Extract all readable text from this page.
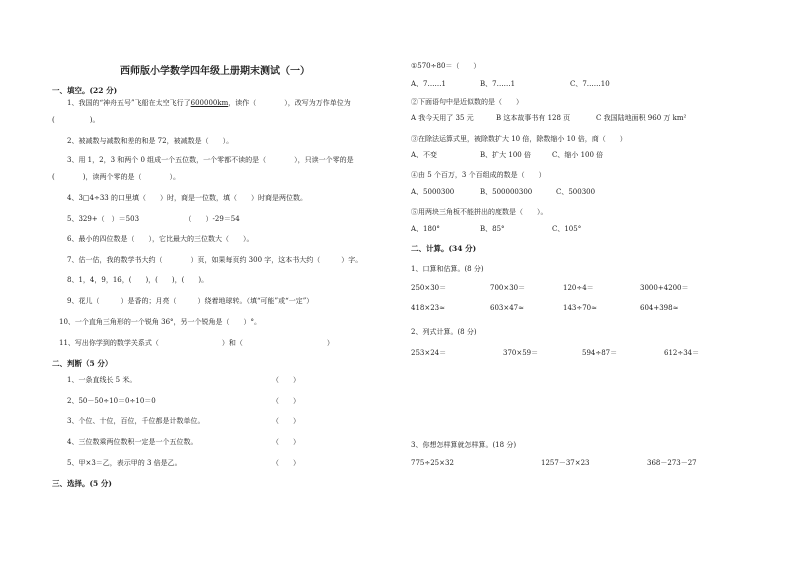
西师版小学数学四年级上册期末测试（一）
一、填空。(22 分)
1、我国的“神舟五号”飞船在太空飞行了600000km，读作（　　　　），改写为万作单位为
(　　　　　)。
2、被减数与减数和差的和是 72，被减数是（　　）。
3、用 1，2，3 和两个 0 组成一个五位数，一个零都不读的是（　　　　），只读一个零的是
(　　　　)，读两个零的是（　　　　）。
4、3□4÷33 的口里填（　　）时，商是一位数，填（　　）时商是两位数。
5、329+（　）＝503　　　　　　　（　　）-29＝54
6、最小的四位数是（　　），它比最大的三位数大（　　）。
7、估一估，我的数学书大约（　　　　）页，如果每页约 300 字，这本书大约（　　　）字。
8、1，4，9，16，(　　)，(　　)，(　　)。
9、花儿（　　　）是香的；月亮（　　　）绕着地球转。（填“可能”或“一定”）
10、一个直角三角形的一个锐角 36°，另一个锐角是（　　）°。
11、写出你学到的数学关系式（　　　　　　　　　）和（　　　　　　　　　　　　）
二、判断（5 分）
1、一条直线长 5 米。	（　　）
2、50－50÷10＝0÷10＝0	（　　）
3、个位、十位，百位，千位都是计数单位。	（　　）
4、三位数乘两位数积一定是一个五位数。	（　　）
5、甲×3＝乙，表示甲的 3 倍是乙。	（　　）
三、选择。(5 分)
①570÷80＝（　　）
A、7……1	B、7……1	C、7……10
②下面语句中是近似数的是（　　）
A 我今天用了 35 元	B 这本故事书有 128 页	C 我国陆地面积 960 万 km²
③在除法运算式里，被除数扩大 10 倍，除数缩小 10 倍，商（　　）
A、不变	B、扩大 100 倍	C、缩小 100 倍
④由 5 个百万，3 个百组成的数是（　　）
A、5000300	B、500000300	C、500300
⑤用两块三角板不能拼出的度数是（　　）。
A、180°	B、85°	C、105°
二、计算。(34 分)
1、口算和估算。(8 分)
250×30＝	700×30＝	120÷4＝	3000+4200＝
418×23≈	603×47≈	143÷70≈	604+398≈
2、列式计算。(8 分)
253×24＝	370×59＝	594÷87＝	612÷34＝
3、你想怎样算就怎样算。(18 分)
775÷25×32	1257－37×23	368－273－27
